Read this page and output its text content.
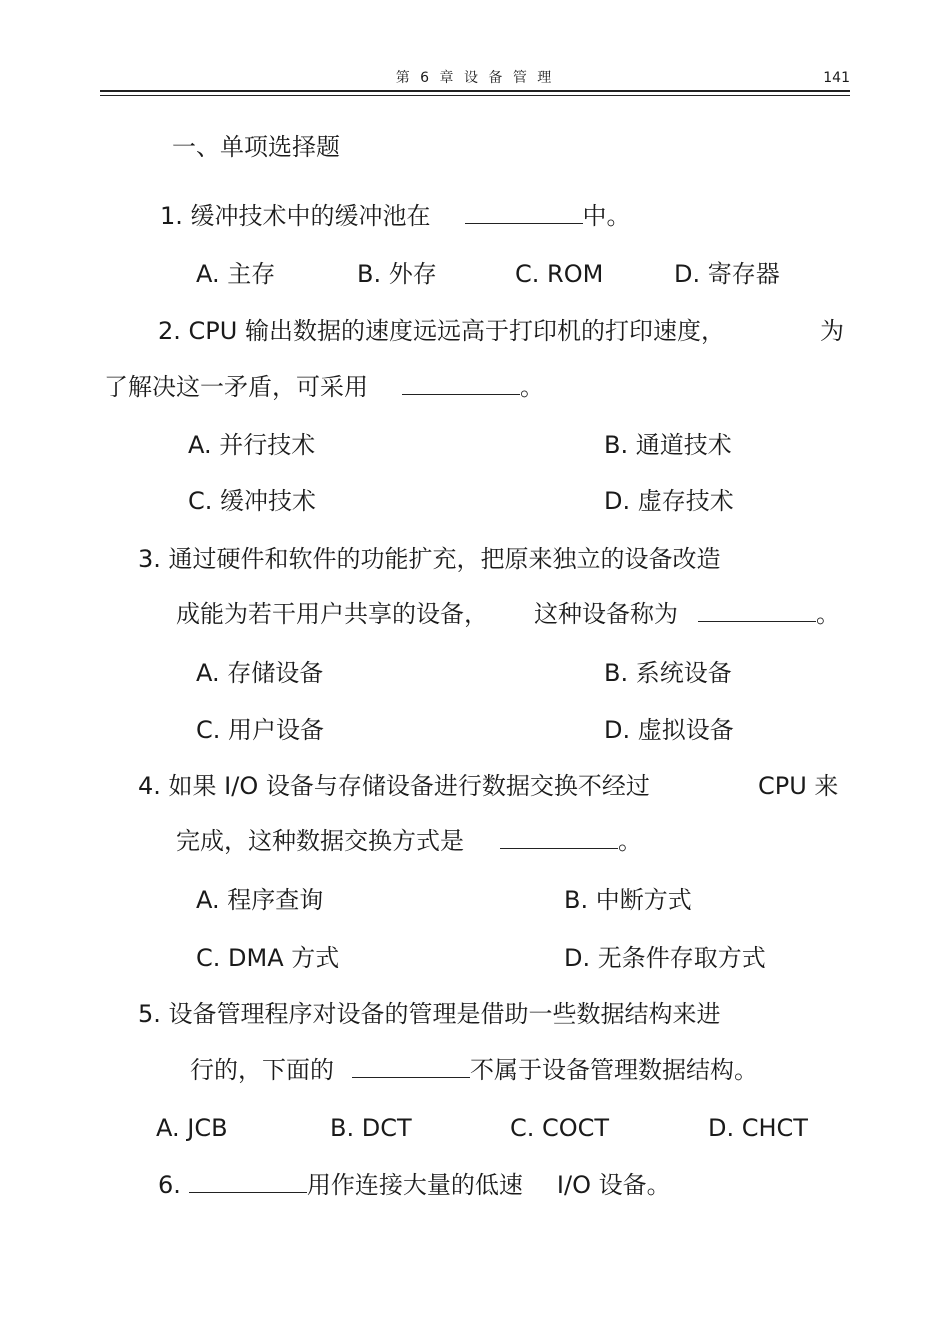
第 6 章 设 备 管 理	141
一、单项选择题
1. 缓冲技术中的缓冲池在	中。
A. 主存	B. 外存	C. ROM	D. 寄存器
2. CPU 输出数据的速度远远高于打印机的打印速度，	为
了解决这一矛盾，可采用	。
A. 并行技术	B. 通道技术
C. 缓冲技术	D. 虚存技术
3. 通过硬件和软件的功能扩充，把原来独立的设备改造
成能为若干用户共享的设备， 这种设备称为	。
A. 存储设备	B. 系统设备
C. 用户设备	D. 虚拟设备
4. 如果 I/O 设备与存储设备进行数据交换不经过	CPU 来
完成，这种数据交换方式是	。
A. 程序查询	B. 中断方式
C. DMA 方式	D. 无条件存取方式
5. 设备管理程序对设备的管理是借助一些数据结构来进
行的，下面的	不属于设备管理数据结构。
A. JCB	B. DCT	C. COCT	D. CHCT
6.	用作连接大量的低速 I/O 设备。
